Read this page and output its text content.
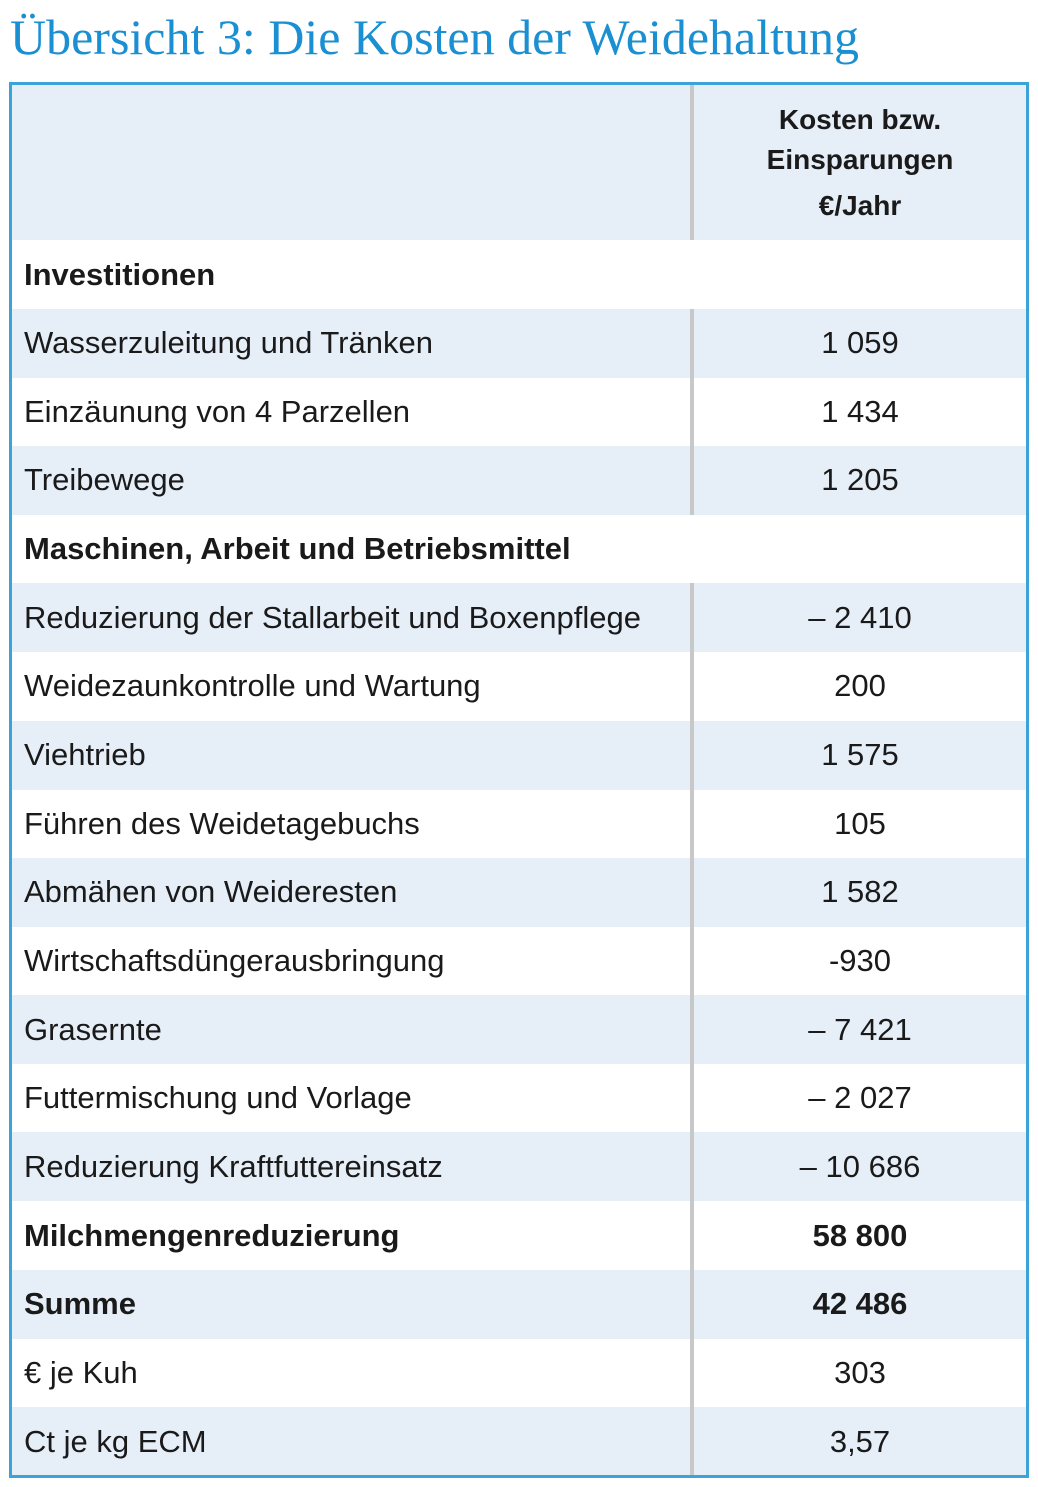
Übersicht 3: Die Kosten der Weidehaltung
Kosten bzw.
Einsparungen
€/Jahr
Investitionen
Wasserzuleitung und Tränken	1 059
Einzäunung von 4 Parzellen	1 434
Treibewege	1 205
Maschinen, Arbeit und Betriebsmittel
Reduzierung der Stallarbeit und Boxenpflege	– 2 410
Weidezaunkontrolle und Wartung	200
Viehtrieb	1 575
Führen des Weidetagebuchs	105
Abmähen von Weideresten	1 582
Wirtschaftsdüngerausbringung	-930
Grasernte	– 7 421
Futtermischung und Vorlage	– 2 027
Reduzierung Kraftfuttereinsatz	– 10 686
Milchmengenreduzierung	58 800
Summe	42 486
€ je Kuh	303
Ct je kg ECM	3,57
